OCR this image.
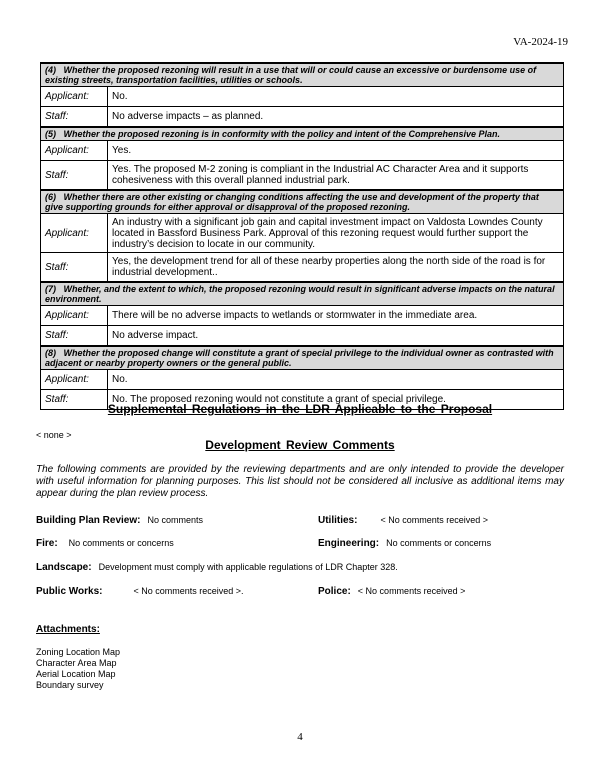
VA-2024-19
(4)   Whether the proposed rezoning will result in a use that will or could cause an excessive or burdensome use of existing streets, transportation facilities, utilities or schools.	
Applicant:	No.
Staff:	No adverse impacts – as planned.
(5)   Whether the proposed rezoning is in conformity with the policy and intent of the Comprehensive Plan.	
Applicant:	Yes.
Staff:	Yes. The proposed M-2 zoning is compliant in the Industrial AC Character Area and it supports cohesiveness with this overall planned industrial park.
(6)   Whether there are other existing or changing conditions affecting the use and development of the property that give supporting grounds for either approval or disapproval of the proposed rezoning.	
Applicant:	An industry with a significant job gain and capital investment impact on Valdosta Lowndes County located in Bassford Business Park. Approval of this rezoning request would further support the industry’s decision to locate in our community.
Staff:	Yes, the development trend for all of these nearby properties along the north side of the road is for industrial development..
(7)   Whether, and the extent to which, the proposed rezoning would result in significant adverse impacts on the natural environment.	
Applicant:	There will be no adverse impacts to wetlands or stormwater in the immediate area.
Staff:	No adverse impact.
(8)   Whether the proposed change will constitute a grant of special privilege to the individual owner as contrasted with adjacent or nearby property owners or the general public.	
Applicant:	No.
Staff:	No. The proposed rezoning would not constitute a grant of special privilege.
Supplemental Regulations in the LDR Applicable to the Proposal
< none >
Development Review Comments

The following comments are provided by the reviewing departments and are only intended to provide the developer with useful information for planning purposes. This list should not be considered all inclusive as additional items may appear during the plan review process.

Building Plan Review: No comments	Utilities:	< No comments received >
Fire: No comments or concerns	Engineering: No comments or concerns
Landscape: Development must comply with applicable regulations of LDR Chapter 328.
Public Works:	< No comments received >.	Police: < No comments received >
Attachments:
Zoning Location Map
Character Area Map
Aerial Location Map
Boundary survey
4
